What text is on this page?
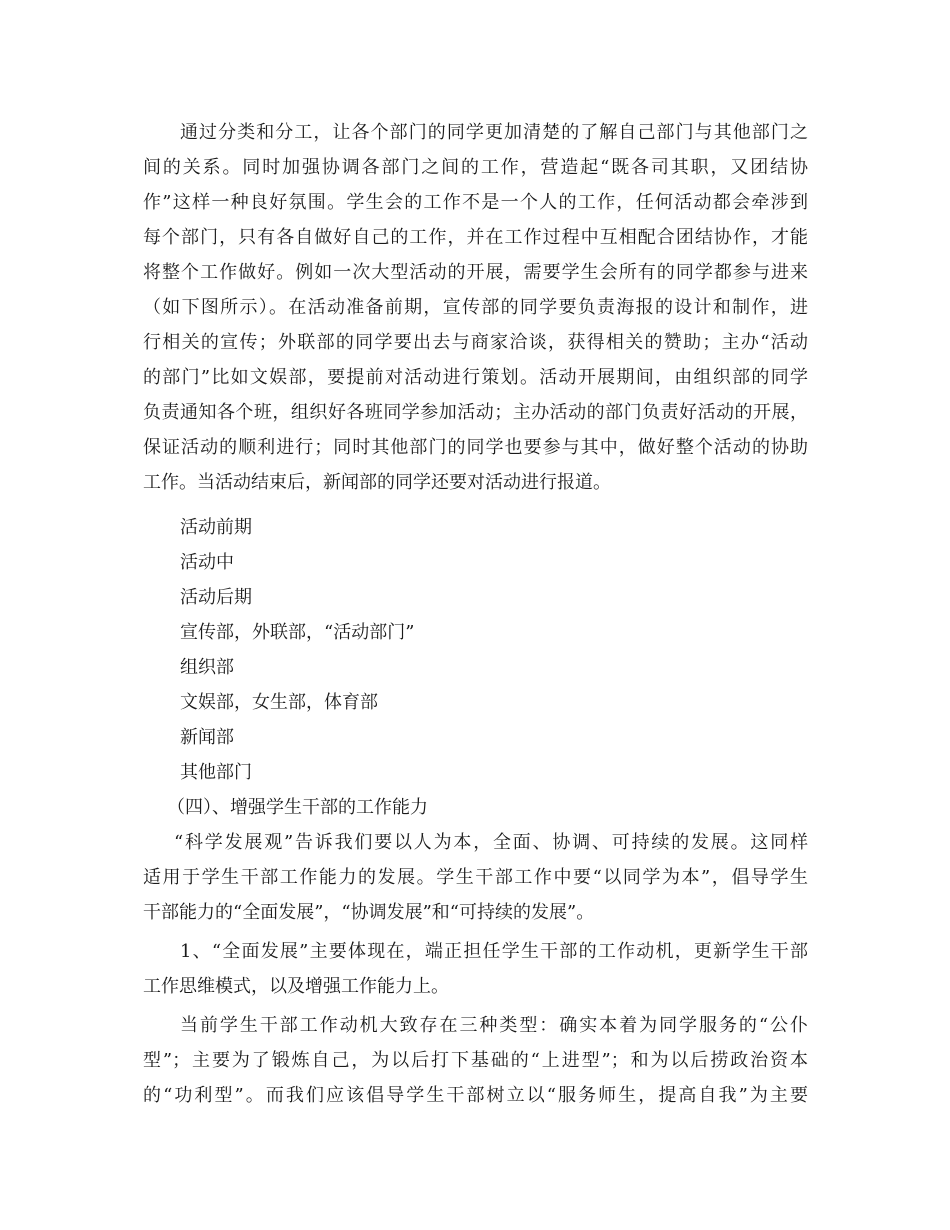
通过分类和分工，让各个部门的同学更加清楚的了解自己部门与其他部门之
间的关系。同时加强协调各部门之间的工作，营造起“既各司其职，又团结协
作”这样一种良好氛围。学生会的工作不是一个人的工作，任何活动都会牵涉到
每个部门，只有各自做好自己的工作，并在工作过程中互相配合团结协作，才能
将整个工作做好。例如一次大型活动的开展，需要学生会所有的同学都参与进来
（如下图所示）。在活动准备前期，宣传部的同学要负责海报的设计和制作，进
行相关的宣传；外联部的同学要出去与商家洽谈，获得相关的赞助；主办“活动
的部门”比如文娱部，要提前对活动进行策划。活动开展期间，由组织部的同学
负责通知各个班，组织好各班同学参加活动；主办活动的部门负责好活动的开展，
保证活动的顺利进行；同时其他部门的同学也要参与其中，做好整个活动的协助
工作。当活动结束后，新闻部的同学还要对活动进行报道。
活动前期
活动中
活动后期
宣传部，外联部，“活动部门”
组织部
文娱部，女生部，体育部
新闻部
其他部门
（四）、增强学生干部的工作能力
“科学发展观”告诉我们要以人为本，全面、协调、可持续的发展。这同样
适用于学生干部工作能力的发展。学生干部工作中要“以同学为本”，倡导学生
干部能力的“全面发展”，“协调发展”和“可持续的发展”。
1、“全面发展”主要体现在，端正担任学生干部的工作动机，更新学生干部
工作思维模式，以及增强工作能力上。
当前学生干部工作动机大致存在三种类型：确实本着为同学服务的“公仆
型”；主要为了锻炼自己，为以后打下基础的“上进型”；和为以后捞政治资本
的“功利型”。而我们应该倡导学生干部树立以“服务师生，提高自我”为主要
